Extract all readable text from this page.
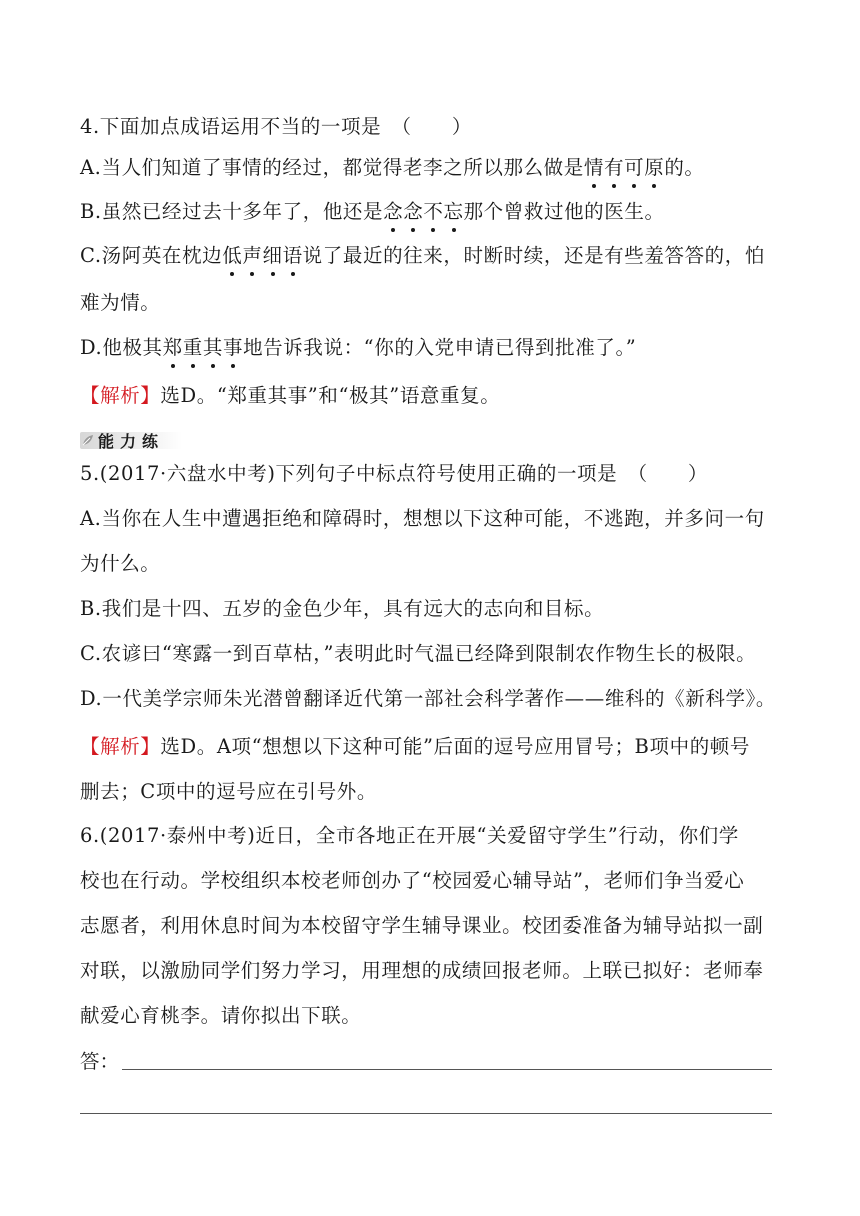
4.下面加点成语运用不当的一项是　（　　）
A.当人们知道了事情的经过，都觉得老李之所以那么做是情有可原的。
B.虽然已经过去十多年了，他还是念念不忘那个曾救过他的医生。
C.汤阿英在枕边低声细语说了最近的往来，时断时续，还是有些羞答答的，怕
难为情。
D.他极其郑重其事地告诉我说：“你的入党申请已得到批准了。”
【解析】选D。“郑重其事”和“极其”语意重复。
能力练
5.(2017·六盘水中考)下列句子中标点符号使用正确的一项是　（　　）
A.当你在人生中遭遇拒绝和障碍时，想想以下这种可能，不逃跑，并多问一句
为什么。
B.我们是十四、五岁的金色少年，具有远大的志向和目标。
C.农谚曰“寒露一到百草枯，”表明此时气温已经降到限制农作物生长的极限。
D.一代美学宗师朱光潜曾翻译近代第一部社会科学著作——维科的《新科学》。
【解析】选D。A项“想想以下这种可能”后面的逗号应用冒号；B项中的顿号
删去；C项中的逗号应在引号外。
6.(2017·泰州中考)近日，全市各地正在开展“关爱留守学生”行动，你们学
校也在行动。学校组织本校老师创办了“校园爱心辅导站”，老师们争当爱心
志愿者，利用休息时间为本校留守学生辅导课业。校团委准备为辅导站拟一副
对联，以激励同学们努力学习，用理想的成绩回报老师。上联已拟好：老师奉
献爱心育桃李。请你拟出下联。
答：
